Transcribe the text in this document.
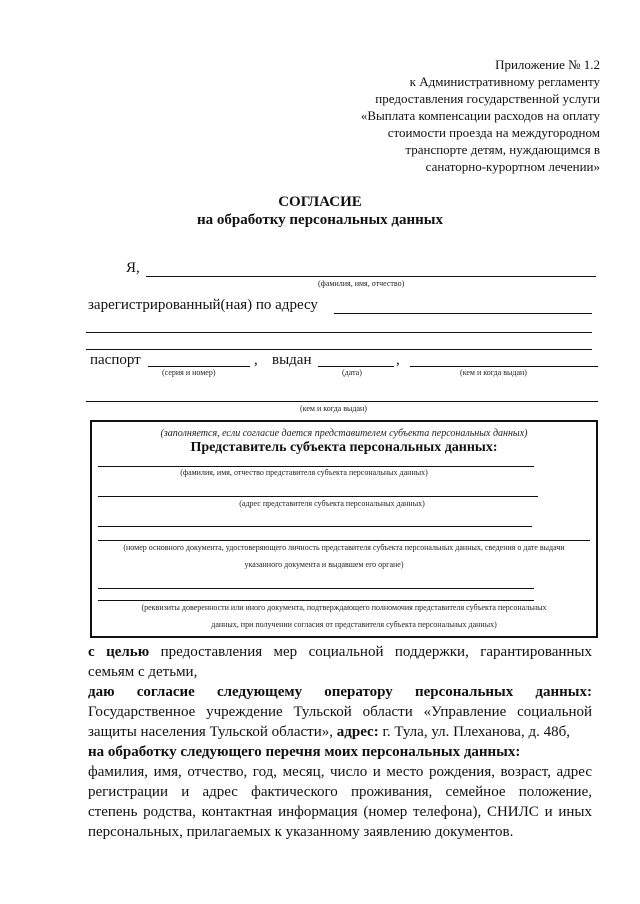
Приложение № 1.2
к Административному регламенту
предоставления государственной услуги
«Выплата компенсации расходов на оплату
стоимости проезда на междугородном
транспорте детям, нуждающимся в
санаторно-курортном лечении»
СОГЛАСИЕ
на обработку персональных данных
Я,
(фамилия, имя, отчество)
зарегистрированный(ная) по адресу
паспорт	, выдан	,
(серия и номер)	(дата)	(кем и когда выдан)
(кем и когда выдан)
(заполняется, если согласие дается представителем субъекта персональных данных)
Представитель субъекта персональных данных:
(фамилия, имя, отчество представителя субъекта персональных данных)
(адрес представителя субъекта персональных данных)
(номер основного документа, удостоверяющего личность представителя субъекта персональных данных, сведения о дате выдачи
указанного документа и выдавшем его органе)
(реквизиты доверенности или иного документа, подтверждающего полномочия представителя субъекта персональных
данных, при получении согласия от представителя субъекта персональных данных)
с целью предоставления мер социальной поддержки, гарантированных
семьям с детьми,
даю согласие следующему оператору персональных данных:
Государственное учреждение Тульской области «Управление социальной
защиты населения Тульской области», адрес: г. Тула, ул. Плеханова, д. 48б,
на обработку следующего перечня моих персональных данных:
фамилия, имя, отчество, год, месяц, число и место рождения, возраст, адрес
регистрации и адрес фактического проживания, семейное положение,
степень родства, контактная информация (номер телефона), СНИЛС и иных
персональных, прилагаемых к указанному заявлению документов.
